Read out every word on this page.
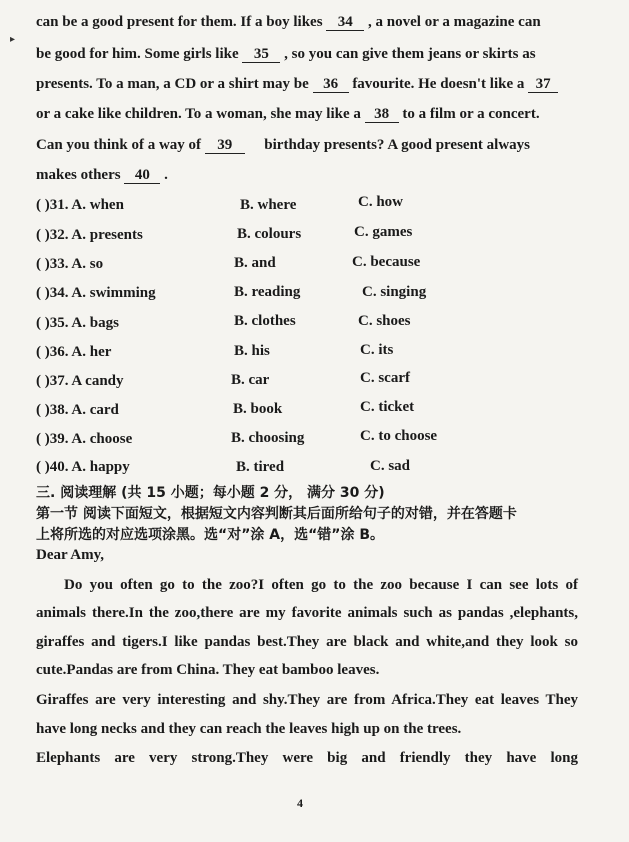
▸
can be a good present for them. If a boy likes 34 , a novel or a magazine can
be good for him. Some girls like 35 , so you can give them jeans or skirts as
presents. To a man, a CD or a shirt may be 36 favourite. He doesn't like a 37
or a cake like children. To a woman, she may like a 38 to a film or a concert.
Can you think of a way of 39 birthday presents? A good present always
makes others 40 .
( )31. A. when	B. where	C. how
( )32. A. presents	B. colours	C. games
( )33. A. so	B. and	C. because
( )34. A. swimming	B. reading	C. singing
( )35. A. bags	B. clothes	C. shoes
( )36. A. her	B. his	C. its
( )37. A candy	B. car	C. scarf
( )38. A. card	B. book	C. ticket
( )39. A. choose	B. choosing	C. to choose
( )40. A. happy	B. tired	C. sad
三. 阅读理解 (共 15 小题；每小题 2 分， 满分 30 分)
第一节 阅读下面短文，根据短文内容判断其后面所给句子的对错，并在答题卡
上将所选的对应选项涂黑。选“对”涂 A，选“错”涂 B。
Dear Amy,
Do you often go to the zoo?I often go to the zoo because I can see lots of
animals there.In the zoo,there are my favorite animals such as pandas ,elephants,
giraffes and tigers.I like pandas best.They are black and white,and they look so
cute.Pandas are from China. They eat bamboo leaves.
Giraffes are very interesting and shy.They are from Africa.They eat leaves They
have long necks and they can reach the leaves high up on the trees.
Elephants are very strong.They were big and friendly they have long
4
